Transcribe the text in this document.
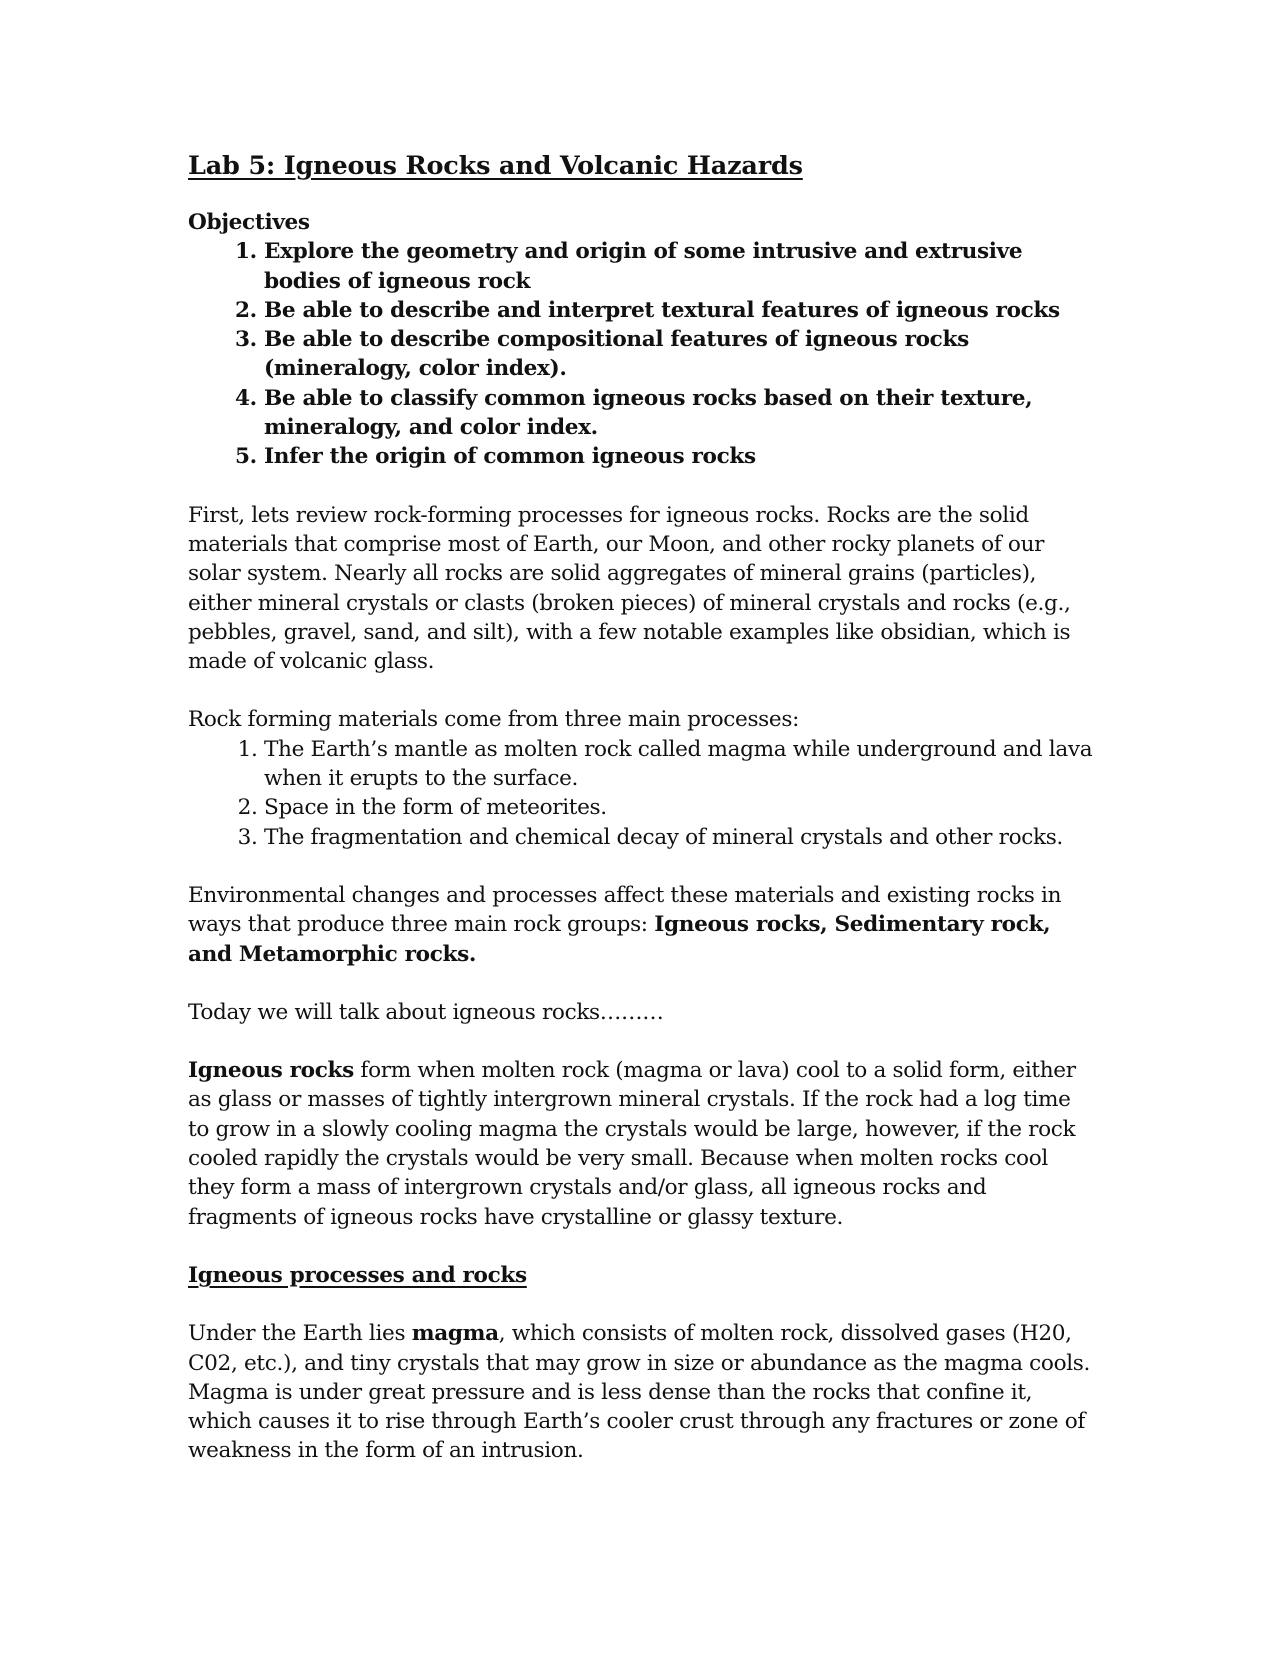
Lab 5: Igneous Rocks and Volcanic Hazards
Objectives
1. Explore the geometry and origin of some intrusive and extrusive bodies of igneous rock
2. Be able to describe and interpret textural features of igneous rocks
3. Be able to describe compositional features of igneous rocks (mineralogy, color index).
4. Be able to classify common igneous rocks based on their texture, mineralogy, and color index.
5. Infer the origin of common igneous rocks

First, lets review rock-forming processes for igneous rocks. Rocks are the solid materials that comprise most of Earth, our Moon, and other rocky planets of our solar system. Nearly all rocks are solid aggregates of mineral grains (particles), either mineral crystals or clasts (broken pieces) of mineral crystals and rocks (e.g., pebbles, gravel, sand, and silt), with a few notable examples like obsidian, which is made of volcanic glass.

Rock forming materials come from three main processes:

1. The Earth’s mantle as molten rock called magma while underground and lava when it erupts to the surface.
2. Space in the form of meteorites.
3. The fragmentation and chemical decay of mineral crystals and other rocks.

Environmental changes and processes affect these materials and existing rocks in ways that produce three main rock groups: Igneous rocks, Sedimentary rock, and Metamorphic rocks.

Today we will talk about igneous rocks………

Igneous rocks form when molten rock (magma or lava) cool to a solid form, either as glass or masses of tightly intergrown mineral crystals. If the rock had a log time to grow in a slowly cooling magma the crystals would be large, however, if the rock cooled rapidly the crystals would be very small. Because when molten rocks cool they form a mass of intergrown crystals and/or glass, all igneous rocks and fragments of igneous rocks have crystalline or glassy texture.

Igneous processes and rocks

Under the Earth lies magma, which consists of molten rock, dissolved gases (H20, C02, etc.), and tiny crystals that may grow in size or abundance as the magma cools. Magma is under great pressure and is less dense than the rocks that confine it, which causes it to rise through Earth’s cooler crust through any fractures or zone of weakness in the form of an intrusion.
